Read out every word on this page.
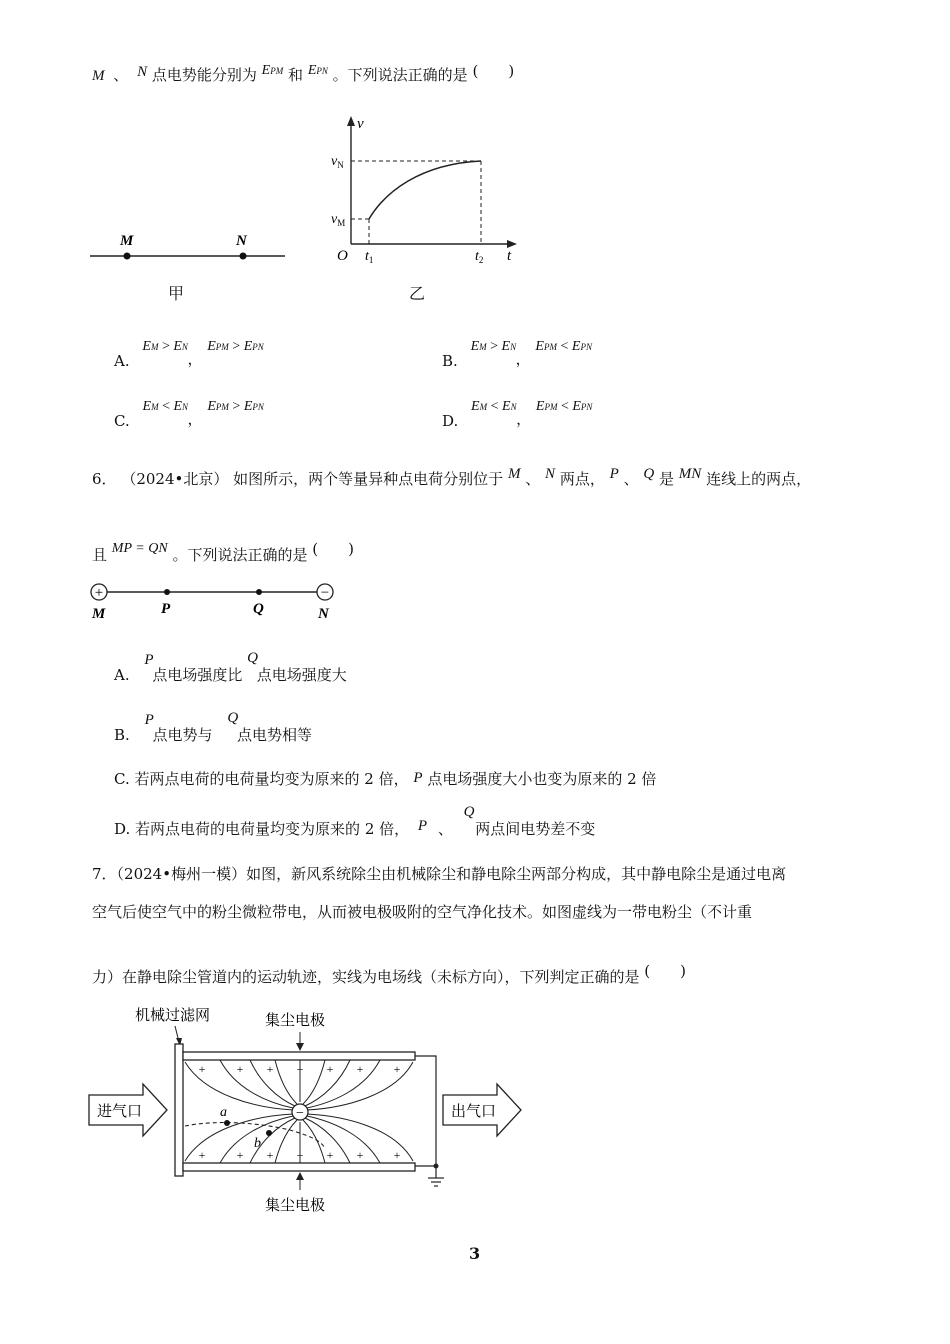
M 、 N 点电势能分别为 EPM 和 EPN 。下列说法正确的是 (　　)
M	N
甲
v
t
O
$v_N$
$v_M$
$t_1$	$t_2$
乙
A. EM > EN ， EPM > EPN
B. EM > EN ， EPM < EPN
C. EM < EN ， EPM > EPN
D. EM < EN ， EPM < EPN
6． （2024•北京） 如图所示，两个等量异种点电荷分别位于 M 、 N 两点， P 、 Q 是 MN 连线上的两点，
且 MP = QN 。下列说法正确的是 (　　)
+	−
M	P	Q	N
A. P 点电场强度比 Q 点电场强度大
B. P 点电势与 Q 点电势相等
C. 若两点电荷的电荷量均变为原来的 2 倍， P 点电场强度大小也变为原来的 2 倍
D. 若两点电荷的电荷量均变为原来的 2 倍， P 、 Q 两点间电势差不变
7．（2024•梅州一模）如图，新风系统除尘由机械除尘和静电除尘两部分构成，其中静电除尘是通过电离
空气后使空气中的粉尘微粒带电，从而被电极吸附的空气净化技术。如图虚线为一带电粉尘（不计重
力）在静电除尘管道内的运动轨迹，实线为电场线（未标方向），下列判定正确的是 (　　)
机械过滤网	集尘电极
+	+ + + + +	+
+	+ + + + +	+
−
a
b
进气口	出气口
集尘电极
3
